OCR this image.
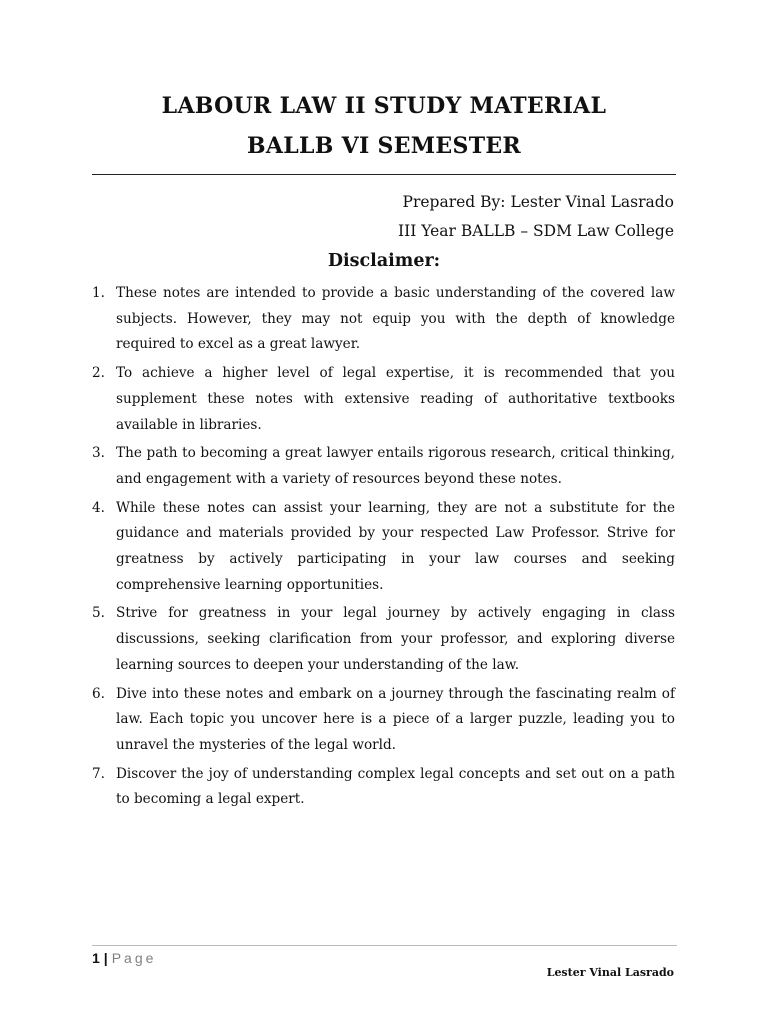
LABOUR LAW II STUDY MATERIAL
BALLB VI SEMESTER
Prepared By: Lester Vinal Lasrado
III Year BALLB – SDM Law College
Disclaimer:
1. These notes are intended to provide a basic understanding of the covered law subjects. However, they may not equip you with the depth of knowledge required to excel as a great lawyer.
2. To achieve a higher level of legal expertise, it is recommended that you supplement these notes with extensive reading of authoritative textbooks available in libraries.
3. The path to becoming a great lawyer entails rigorous research, critical thinking, and engagement with a variety of resources beyond these notes.
4. While these notes can assist your learning, they are not a substitute for the guidance and materials provided by your respected Law Professor. Strive for greatness by actively participating in your law courses and seeking comprehensive learning opportunities.
5. Strive for greatness in your legal journey by actively engaging in class discussions, seeking clarification from your professor, and exploring diverse learning sources to deepen your understanding of the law.
6. Dive into these notes and embark on a journey through the fascinating realm of law. Each topic you uncover here is a piece of a larger puzzle, leading you to unravel the mysteries of the legal world.
7. Discover the joy of understanding complex legal concepts and set out on a path to becoming a legal expert.
1 | Page
Lester Vinal Lasrado
